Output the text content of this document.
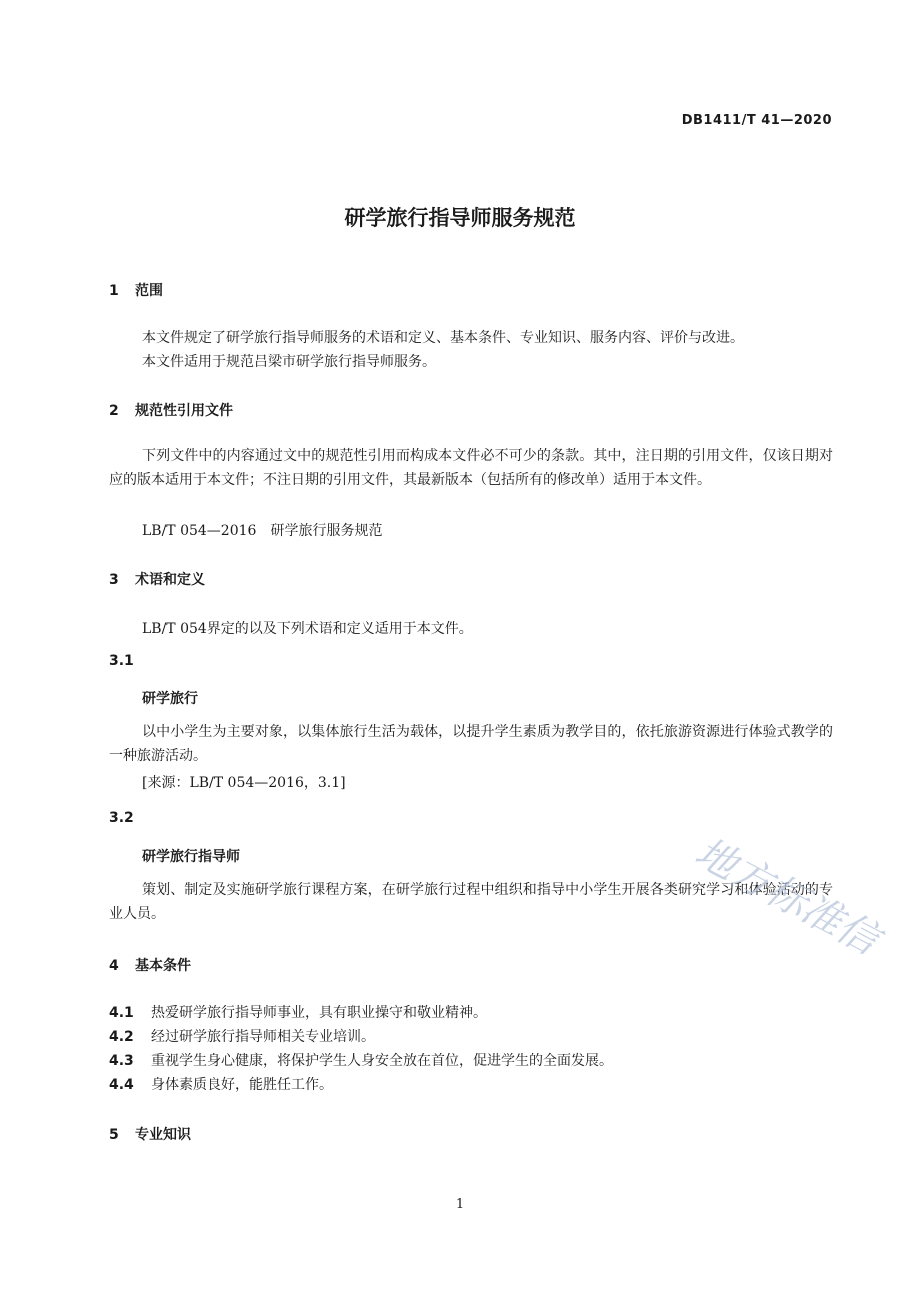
DB1411/T 41—2020
研学旅行指导师服务规范
1 范围

本文件规定了研学旅行指导师服务的术语和定义、基本条件、专业知识、服务内容、评价与改进。

本文件适用于规范吕梁市研学旅行指导师服务。

2 规范性引用文件

下列文件中的内容通过文中的规范性引用而构成本文件必不可少的条款。其中，注日期的引用文件，仅该日期对应的版本适用于本文件；不注日期的引用文件，其最新版本（包括所有的修改单）适用于本文件。

LB/T 054—2016　研学旅行服务规范
3 术语和定义
LB/T 054界定的以及下列术语和定义适用于本文件。
3.1
研学旅行

以中小学生为主要对象，以集体旅行生活为载体，以提升学生素质为教学目的，依托旅游资源进行体验式教学的一种旅游活动。

[来源：LB/T 054—2016，3.1]
3.2
研学旅行指导师

策划、制定及实施研学旅行课程方案，在研学旅行过程中组织和指导中小学生开展各类研究学习和体验活动的专业人员。

4 基本条件
4.1 热爱研学旅行指导师事业，具有职业操守和敬业精神。
4.2 经过研学旅行指导师相关专业培训。
4.3 重视学生身心健康，将保护学生人身安全放在首位，促进学生的全面发展。
4.4 身体素质良好，能胜任工作。
5 专业知识
地方标准信
1
